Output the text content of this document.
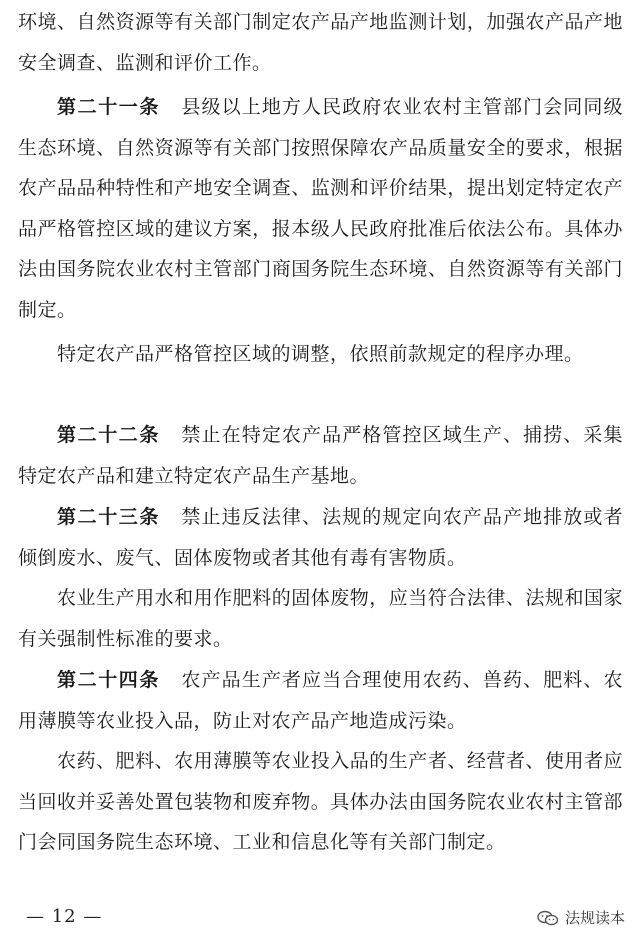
环境、自然资源等有关部门制定农产品产地监测计划，加强农产品产地安全调查、监测和评价工作。

第二十一条 县级以上地方人民政府农业农村主管部门会同同级生态环境、自然资源等有关部门按照保障农产品质量安全的要求，根据农产品品种特性和产地安全调查、监测和评价结果，提出划定特定农产品严格管控区域的建议方案，报本级人民政府批准后依法公布。具体办法由国务院农业农村主管部门商国务院生态环境、自然资源等有关部门制定。

特定农产品严格管控区域的调整，依照前款规定的程序办理。

第二十二条 禁止在特定农产品严格管控区域生产、捕捞、采集特定农产品和建立特定农产品生产基地。

第二十三条 禁止违反法律、法规的规定向农产品产地排放或者倾倒废水、废气、固体废物或者其他有毒有害物质。

农业生产用水和用作肥料的固体废物，应当符合法律、法规和国家有关强制性标准的要求。

第二十四条 农产品生产者应当合理使用农药、兽药、肥料、农用薄膜等农业投入品，防止对农产品产地造成污染。

农药、肥料、农用薄膜等农业投入品的生产者、经营者、使用者应当回收并妥善处置包装物和废弃物。具体办法由国务院农业农村主管部门会同国务院生态环境、工业和信息化等有关部门制定。

— 12 —	法规读本
